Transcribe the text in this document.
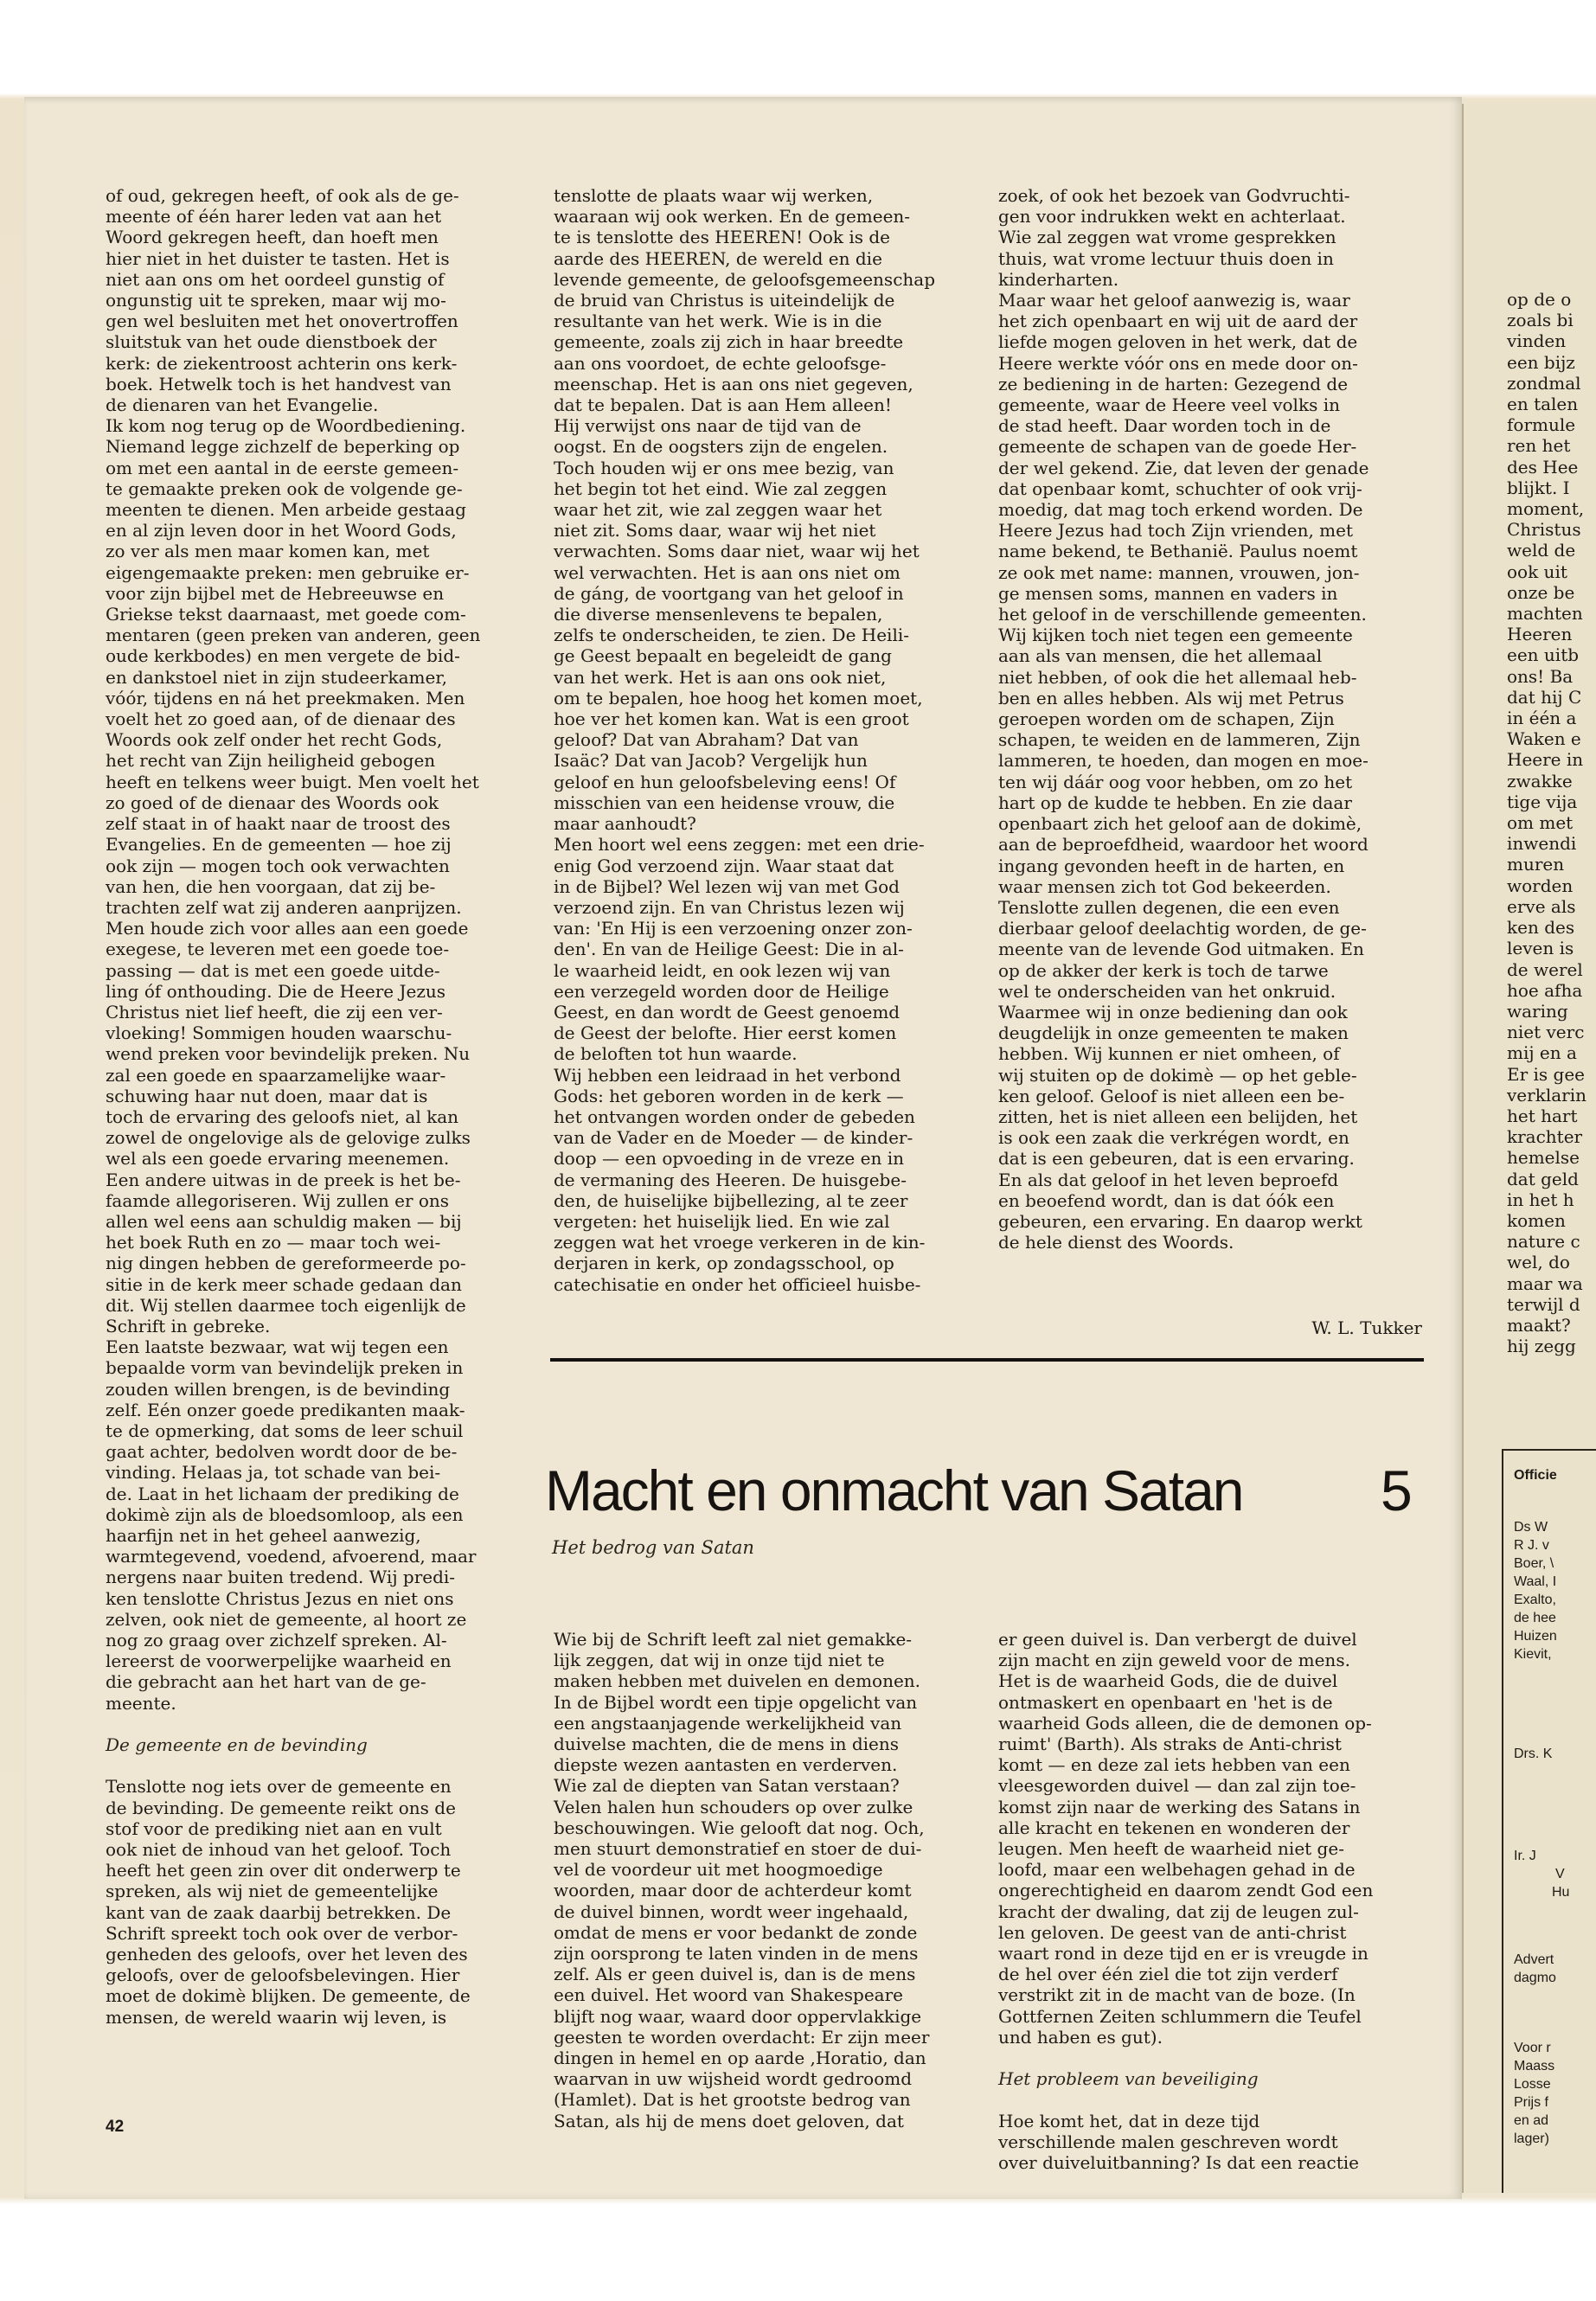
of oud, gekregen heeft, of ook als de ge-
meente of één harer leden vat aan het
Woord gekregen heeft, dan hoeft men
hier niet in het duister te tasten. Het is
niet aan ons om het oordeel gunstig of
ongunstig uit te spreken, maar wij mo-
gen wel besluiten met het onovertroffen
sluitstuk van het oude dienstboek der
kerk: de ziekentroost achterin ons kerk-
boek. Hetwelk toch is het handvest van
de dienaren van het Evangelie.
Ik kom nog terug op de Woordbediening.
Niemand legge zichzelf de beperking op
om met een aantal in de eerste gemeen-
te gemaakte preken ook de volgende ge-
meenten te dienen. Men arbeide gestaag
en al zijn leven door in het Woord Gods,
zo ver als men maar komen kan, met
eigengemaakte preken: men gebruike er-
voor zijn bijbel met de Hebreeuwse en
Griekse tekst daarnaast, met goede com-
mentaren (geen preken van anderen, geen
oude kerkbodes) en men vergete de bid-
en dankstoel niet in zijn studeerkamer,
vóór, tijdens en ná het preekmaken. Men
voelt het zo goed aan, of de dienaar des
Woords ook zelf onder het recht Gods,
het recht van Zijn heiligheid gebogen
heeft en telkens weer buigt. Men voelt het
zo goed of de dienaar des Woords ook
zelf staat in of haakt naar de troost des
Evangelies. En de gemeenten — hoe zij
ook zijn — mogen toch ook verwachten
van hen, die hen voorgaan, dat zij be-
trachten zelf wat zij anderen aanprijzen.
Men houde zich voor alles aan een goede
exegese, te leveren met een goede toe-
passing — dat is met een goede uitde-
ling óf onthouding. Die de Heere Jezus
Christus niet lief heeft, die zij een ver-
vloeking! Sommigen houden waarschu-
wend preken voor bevindelijk preken. Nu
zal een goede en spaarzamelijke waar-
schuwing haar nut doen, maar dat is
toch de ervaring des geloofs niet, al kan
zowel de ongelovige als de gelovige zulks
wel als een goede ervaring meenemen.
Een andere uitwas in de preek is het be-
faamde allegoriseren. Wij zullen er ons
allen wel eens aan schuldig maken — bij
het boek Ruth en zo — maar toch wei-
nig dingen hebben de gereformeerde po-
sitie in de kerk meer schade gedaan dan
dit. Wij stellen daarmee toch eigenlijk de
Schrift in gebreke.
Een laatste bezwaar, wat wij tegen een
bepaalde vorm van bevindelijk preken in
zouden willen brengen, is de bevinding
zelf. Eén onzer goede predikanten maak-
te de opmerking, dat soms de leer schuil
gaat achter, bedolven wordt door de be-
vinding. Helaas ja, tot schade van bei-
de. Laat in het lichaam der prediking de
dokimè zijn als de bloedsomloop, als een
haarfijn net in het geheel aanwezig,
warmtegevend, voedend, afvoerend, maar
nergens naar buiten tredend. Wij predi-
ken tenslotte Christus Jezus en niet ons
zelven, ook niet de gemeente, al hoort ze
nog zo graag over zichzelf spreken. Al-
lereerst de voorwerpelijke waarheid en
die gebracht aan het hart van de ge-
meente.

De gemeente en de bevinding

Tenslotte nog iets over de gemeente en
de bevinding. De gemeente reikt ons de
stof voor de prediking niet aan en vult
ook niet de inhoud van het geloof. Toch
heeft het geen zin over dit onderwerp te
spreken, als wij niet de gemeentelijke
kant van de zaak daarbij betrekken. De
Schrift spreekt toch ook over de verbor-
genheden des geloofs, over het leven des
geloofs, over de geloofsbelevingen. Hier
moet de dokimè blijken. De gemeente, de
mensen, de wereld waarin wij leven, is
tenslotte de plaats waar wij werken,
waaraan wij ook werken. En de gemeen-
te is tenslotte des HEEREN! Ook is de
aarde des HEEREN, de wereld en die
levende gemeente, de geloofsgemeenschap
de bruid van Christus is uiteindelijk de
resultante van het werk. Wie is in die
gemeente, zoals zij zich in haar breedte
aan ons voordoet, de echte geloofsge-
meenschap. Het is aan ons niet gegeven,
dat te bepalen. Dat is aan Hem alleen!
Hij verwijst ons naar de tijd van de
oogst. En de oogsters zijn de engelen.
Toch houden wij er ons mee bezig, van
het begin tot het eind. Wie zal zeggen
waar het zit, wie zal zeggen waar het
niet zit. Soms daar, waar wij het niet
verwachten. Soms daar niet, waar wij het
wel verwachten. Het is aan ons niet om
de gáng, de voortgang van het geloof in
die diverse mensenlevens te bepalen,
zelfs te onderscheiden, te zien. De Heili-
ge Geest bepaalt en begeleidt de gang
van het werk. Het is aan ons ook niet,
om te bepalen, hoe hoog het komen moet,
hoe ver het komen kan. Wat is een groot
geloof? Dat van Abraham? Dat van
Isaäc? Dat van Jacob? Vergelijk hun
geloof en hun geloofsbeleving eens! Of
misschien van een heidense vrouw, die
maar aanhoudt?
Men hoort wel eens zeggen: met een drie-
enig God verzoend zijn. Waar staat dat
in de Bijbel? Wel lezen wij van met God
verzoend zijn. En van Christus lezen wij
van: 'En Hij is een verzoening onzer zon-
den'. En van de Heilige Geest: Die in al-
le waarheid leidt, en ook lezen wij van
een verzegeld worden door de Heilige
Geest, en dan wordt de Geest genoemd
de Geest der belofte. Hier eerst komen
de beloften tot hun waarde.
Wij hebben een leidraad in het verbond
Gods: het geboren worden in de kerk —
het ontvangen worden onder de gebeden
van de Vader en de Moeder — de kinder-
doop — een opvoeding in de vreze en in
de vermaning des Heeren. De huisgebe-
den, de huiselijke bijbellezing, al te zeer
vergeten: het huiselijk lied. En wie zal
zeggen wat het vroege verkeren in de kin-
derjaren in kerk, op zondagsschool, op
catechisatie en onder het officieel huisbe-
zoek, of ook het bezoek van Godvruchti-
gen voor indrukken wekt en achterlaat.
Wie zal zeggen wat vrome gesprekken
thuis, wat vrome lectuur thuis doen in
kinderharten.
Maar waar het geloof aanwezig is, waar
het zich openbaart en wij uit de aard der
liefde mogen geloven in het werk, dat de
Heere werkte vóór ons en mede door on-
ze bediening in de harten: Gezegend de
gemeente, waar de Heere veel volks in
de stad heeft. Daar worden toch in de
gemeente de schapen van de goede Her-
der wel gekend. Zie, dat leven der genade
dat openbaar komt, schuchter of ook vrij-
moedig, dat mag toch erkend worden. De
Heere Jezus had toch Zijn vrienden, met
name bekend, te Bethanië. Paulus noemt
ze ook met name: mannen, vrouwen, jon-
ge mensen soms, mannen en vaders in
het geloof in de verschillende gemeenten.
Wij kijken toch niet tegen een gemeente
aan als van mensen, die het allemaal
niet hebben, of ook die het allemaal heb-
ben en alles hebben. Als wij met Petrus
geroepen worden om de schapen, Zijn
schapen, te weiden en de lammeren, Zijn
lammeren, te hoeden, dan mogen en moe-
ten wij dáár oog voor hebben, om zo het
hart op de kudde te hebben. En zie daar
openbaart zich het geloof aan de dokimè,
aan de beproefdheid, waardoor het woord
ingang gevonden heeft in de harten, en
waar mensen zich tot God bekeerden.
Tenslotte zullen degenen, die een even
dierbaar geloof deelachtig worden, de ge-
meente van de levende God uitmaken. En
op de akker der kerk is toch de tarwe
wel te onderscheiden van het onkruid.
Waarmee wij in onze bediening dan ook
deugdelijk in onze gemeenten te maken
hebben. Wij kunnen er niet omheen, of
wij stuiten op de dokimè — op het geble-
ken geloof. Geloof is niet alleen een be-
zitten, het is niet alleen een belijden, het
is ook een zaak die verkrégen wordt, en
dat is een gebeuren, dat is een ervaring.
En als dat geloof in het leven beproefd
en beoefend wordt, dan is dat óók een
gebeuren, een ervaring. En daarop werkt
de hele dienst des Woords.
W. L. Tukker
Macht en onmacht van Satan 5
Het bedrog van Satan
Wie bij de Schrift leeft zal niet gemakke-
lijk zeggen, dat wij in onze tijd niet te
maken hebben met duivelen en demonen.
In de Bijbel wordt een tipje opgelicht van
een angstaanjagende werkelijkheid van
duivelse machten, die de mens in diens
diepste wezen aantasten en verderven.
Wie zal de diepten van Satan verstaan?
Velen halen hun schouders op over zulke
beschouwingen. Wie gelooft dat nog. Och,
men stuurt demonstratief en stoer de dui-
vel de voordeur uit met hoogmoedige
woorden, maar door de achterdeur komt
de duivel binnen, wordt weer ingehaald,
omdat de mens er voor bedankt de zonde
zijn oorsprong te laten vinden in de mens
zelf. Als er geen duivel is, dan is de mens
een duivel. Het woord van Shakespeare
blijft nog waar, waard door oppervlakkige
geesten te worden overdacht: Er zijn meer
dingen in hemel en op aarde ,Horatio, dan
waarvan in uw wijsheid wordt gedroomd
(Hamlet). Dat is het grootste bedrog van
Satan, als hij de mens doet geloven, dat
er geen duivel is. Dan verbergt de duivel
zijn macht en zijn geweld voor de mens.
Het is de waarheid Gods, die de duivel
ontmaskert en openbaart en 'het is de
waarheid Gods alleen, die de demonen op-
ruimt' (Barth). Als straks de Anti-christ
komt — en deze zal iets hebben van een
vleesgeworden duivel — dan zal zijn toe-
komst zijn naar de werking des Satans in
alle kracht en tekenen en wonderen der
leugen. Men heeft de waarheid niet ge-
loofd, maar een welbehagen gehad in de
ongerechtigheid en daarom zendt God een
kracht der dwaling, dat zij de leugen zul-
len geloven. De geest van de anti-christ
waart rond in deze tijd en er is vreugde in
de hel over één ziel die tot zijn verderf
verstrikt zit in de macht van de boze. (In
Gottfernen Zeiten schlummern die Teufel
und haben es gut).

Het probleem van beveiliging

Hoe komt het, dat in deze tijd
verschillende malen geschreven wordt
over duiveluitbanning? Is dat een reactie
42
op de o
zoals bi
vinden
een bijz
zondmal
en talen
formule
ren het
des Hee
blijkt. I
moment,
Christus
weld de
ook uit
onze be
machten
Heeren
een uitb
ons! Ba
dat hij C
in één a
Waken e
Heere in
zwakke
tige vija
om met
inwendi
muren
worden
erve als
ken des
leven is
de werel
hoe afha
waring
niet verc
mij en a
Er is gee
verklarin
het hart
krachter
hemelse
dat geld
in het h
komen
nature c
wel, do
maar wa
terwijl d
maakt?
hij zegg
Officie
Ds W
R J. v
Boer, \
Waal, I
Exalto,
de hee
Huizen
Kievit,
Drs. K
Ir. J
V
Hu
Advert
dagmo
Voor r
Maass
Losse
Prijs f
en ad
lager)
